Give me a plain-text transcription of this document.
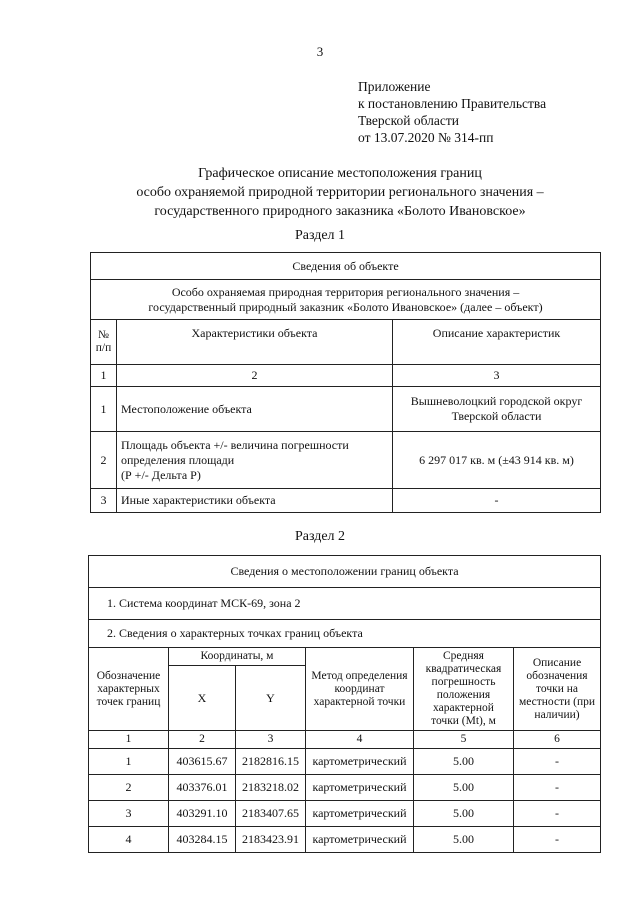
3
Приложение
к постановлению Правительства
Тверской области
от 13.07.2020 № 314-пп
Графическое описание местоположения границ
особо охраняемой природной территории регионального значения –
государственного природного заказника «Болото Ивановское»
Раздел 1
Сведения об объекте		

Особо охраняемая природная территория регионального значения –
государственный природный заказник «Болото Ивановское» (далее – объект)		

№
п/п	Характеристики объекта	Описание характеристик
1	2	3
1	Местоположение объекта	Вышневолоцкий городской округ
Тверской области

2	Площадь объекта +/- величина погрешности
определения площади
(Р +/- Дельта Р)	6 297 017 кв. м (±43 914 кв. м)
3	Иные характеристики объекта	-
Раздел 2
Сведения о местоположении границ объекта					
1. Система координат МСК-69, зона 2					
2. Сведения о характерных точках границ объекта					
Обозначение характерных точек границ	Координаты, м		Метод определения координат характерной точки	Средняя квадратическая погрешность положения характерной точки (Mt), м	Описание обозначения точки на местности (при наличии)
	X	Y			
1	2	3	4	5	6
1	403615.67	2182816.15	картометрический	5.00	-
2	403376.01	2183218.02	картометрический	5.00	-
3	403291.10	2183407.65	картометрический	5.00	-
4	403284.15	2183423.91	картометрический	5.00	-
